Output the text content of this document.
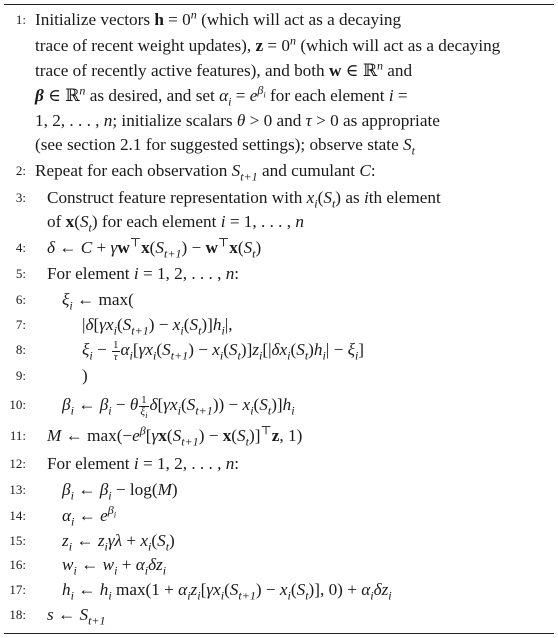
1: Initialize vectors $h = 0^n$ (which will act as a decaying
trace of recent weight updates), $z = 0^n$ (which will act as a decaying
trace of recently active features), and both w ∈ ℝ$^n$ and
β ∈ ℝ$^n$ as desired, and set $\alpha_i = e^{\beta_i}$ for each element i =
1, 2, . . . , n; initialize scalars θ > 0 and τ > 0 as appropriate
(see section 2.1 for suggested settings); observe state $S_t$
2: Repeat for each observation $S_{t+1}$ and cumulant C:
3: Construct feature representation with $x_i(S_t)$ as ith element
of $x(S_t)$ for each element i = 1, . . . , n
4: δ ← $C + \gamma w^⊤x(S_{t+1}) - w^⊤x(S_t)$
5: For element i = 1, 2, . . . , n:
6: $\xi_i$ ← max(
7:	$|\delta[\gamma x_i(S_{t+1}) - x_i(S_t)]h_i|$,
8:	$\xi_i - \frac{1}{\tau} \alpha_i[\gamma x_i(S_{t+1}) - x_i(S_t)]z_i[|\delta x_i(S_t)h_i| - \xi_i]$
9:	)
10: $\beta_i$ ← $\beta_i - \theta \frac{1}{\xi_i} \delta[\gamma x_i(S_{t+1})) - x_i(S_t)]h_i$
11: M ← $\max(-e^\beta[\gamma x(S_{t+1}) - x(S_t)]^⊤z$, 1)
12: For element i = 1, 2, . . . , n:
13: $\beta_i$ ← $\beta_i - \log(M)$
14: $\alpha_i$ ← $e^{\beta_i}$
15: $z_i$ ← $z_i\gamma\lambda + x_i(S_t)$
16: $w_i$ ← $w_i + \alpha_i\delta z_i$
17: $h_i$ ← $h_i$ $\max(1 + \alpha_iz_i[\gamma x_i(S_{t+1}) - x_i(S_t)]$, $0) + \alpha_i\delta z_i$
18: s ← $S_{t+1}$
